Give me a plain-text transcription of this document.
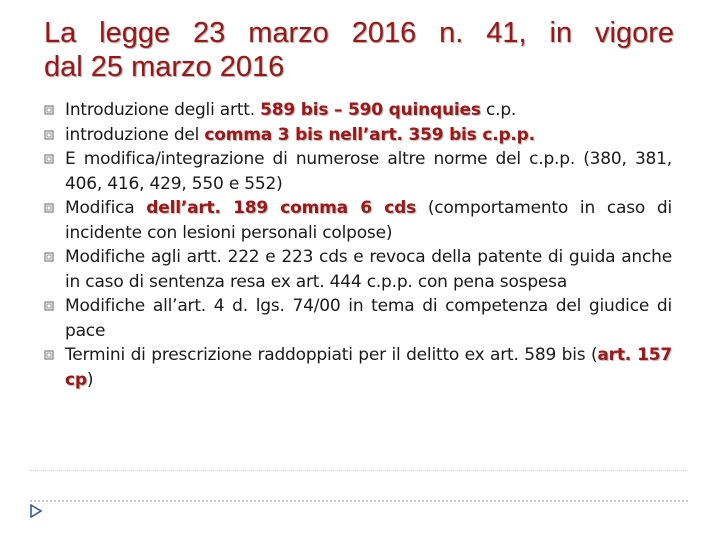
La legge 23 marzo 2016 n. 41, in vigore
dal 25 marzo 2016
Introduzione degli artt. 589 bis – 590 quinquies c.p.
introduzione del comma 3 bis nell’art. 359 bis c.p.p.
E modifica/integrazione di numerose altre norme del c.p.p. (380, 381, 406, 416, 429, 550 e 552)
Modifica dell’art. 189 comma 6 cds (comportamento in caso di incidente con lesioni personali colpose)
Modifiche agli artt. 222 e 223 cds e revoca della patente di guida anche in caso di sentenza resa ex art. 444 c.p.p. con pena sospesa
Modifiche all’art. 4 d. lgs. 74/00 in tema di competenza del giudice di pace
Termini di prescrizione raddoppiati per il delitto ex art. 589 bis (art. 157 cp)
